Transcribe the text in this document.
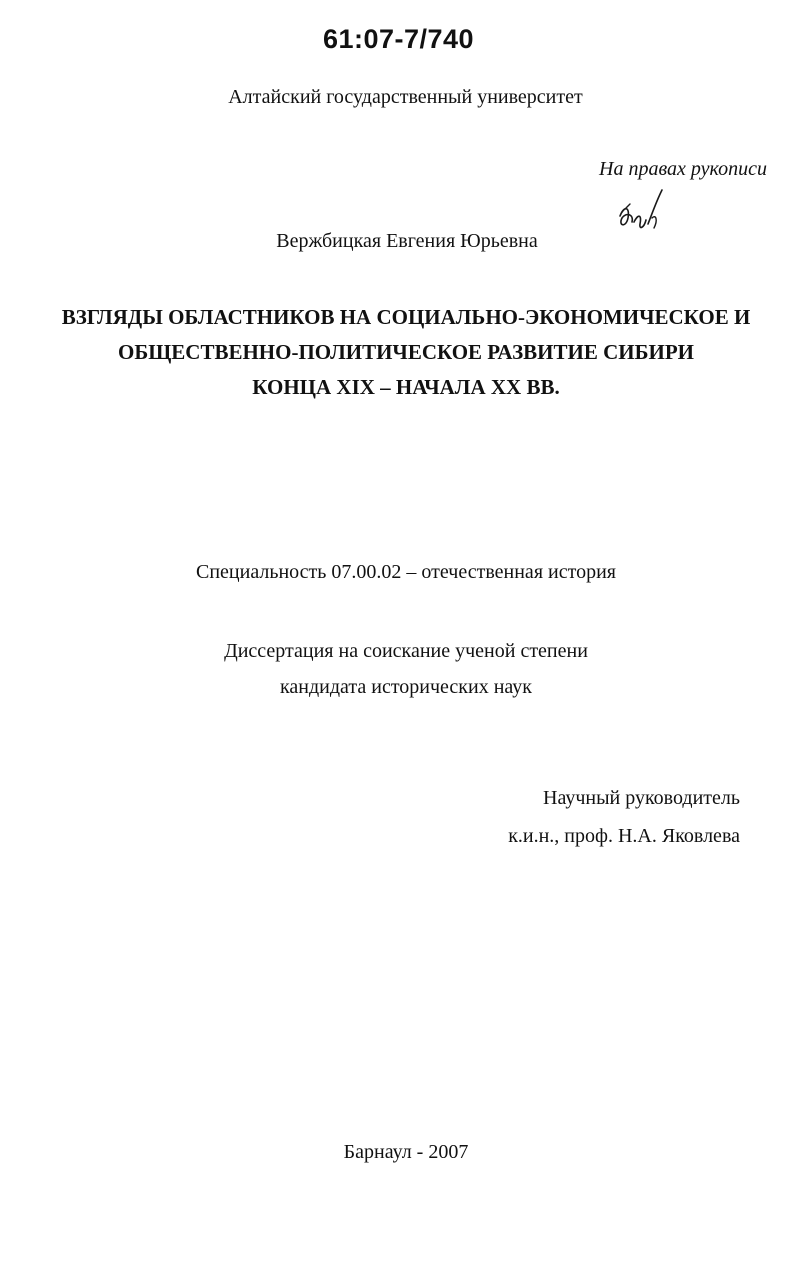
61:07-7/740
Алтайский государственный университет
На правах рукописи
Вержбицкая Евгения Юрьевна
ВЗГЛЯДЫ ОБЛАСТНИКОВ НА СОЦИАЛЬНО-ЭКОНОМИЧЕСКОЕ И
ОБЩЕСТВЕННО-ПОЛИТИЧЕСКОЕ РАЗВИТИЕ СИБИРИ
КОНЦА XIX – НАЧАЛА XX ВВ.
Специальность 07.00.02 – отечественная история
Диссертация на соискание ученой степени
кандидата исторических наук
Научный руководитель
к.и.н., проф. Н.А. Яковлева
Барнаул - 2007
